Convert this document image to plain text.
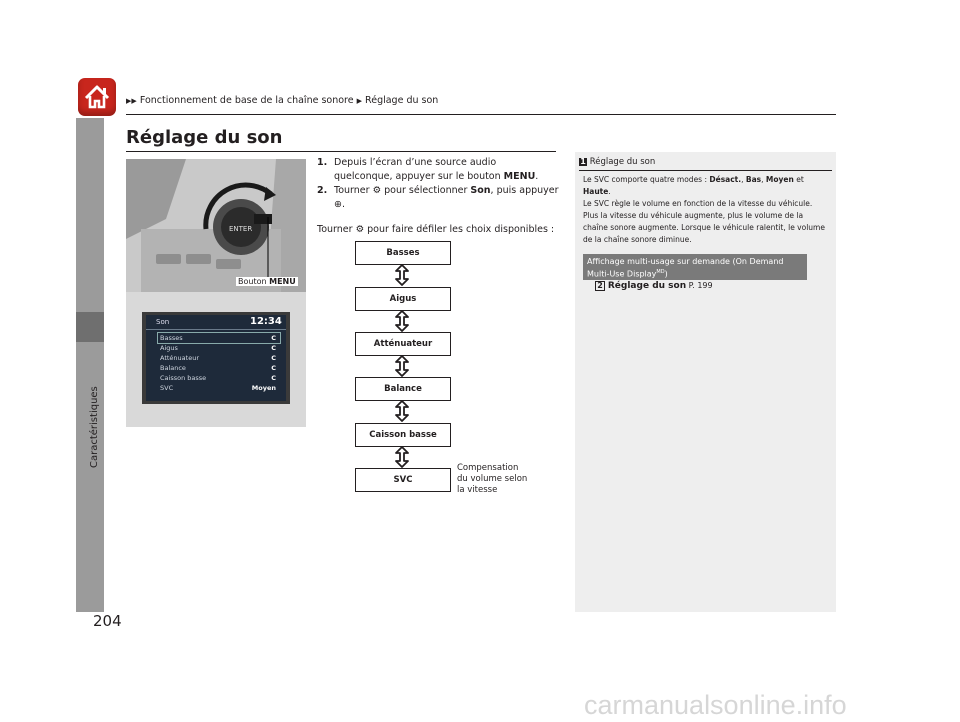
▶▶ Fonctionnement de base de la chaîne sonore ▶ Réglage du son
Réglage du son
Caractéristiques
ENTER
Bouton MENU
Son	12:34
Basses	C
Aigus	C
Atténuateur	C
Balance	C
Caisson basse	C
SVC	Moyen
1. Depuis l’écran d’une source audio quelconque, appuyer sur le bouton MENU.
2. Tourner ⚙ pour sélectionner Son, puis appuyer
⊕.
Tourner ⚙ pour faire défiler les choix disponibles :
Basses
Aigus
Atténuateur
Balance
Caisson basse
SVC
Compensation
du volume selon
la vitesse
1 Réglage du son
Le SVC comporte quatre modes : Désact., Bas, Moyen et Haute.
Le SVC règle le volume en fonction de la vitesse du véhicule. Plus la vitesse du véhicule augmente, plus le volume de la chaîne sonore augmente. Lorsque le véhicule ralentit, le volume de la chaîne sonore diminue.
Affichage multi-usage sur demande (On Demand
Multi-Use Display$^{MD}$)
2 Réglage du son P. 199
204
carmanualsonline.info
